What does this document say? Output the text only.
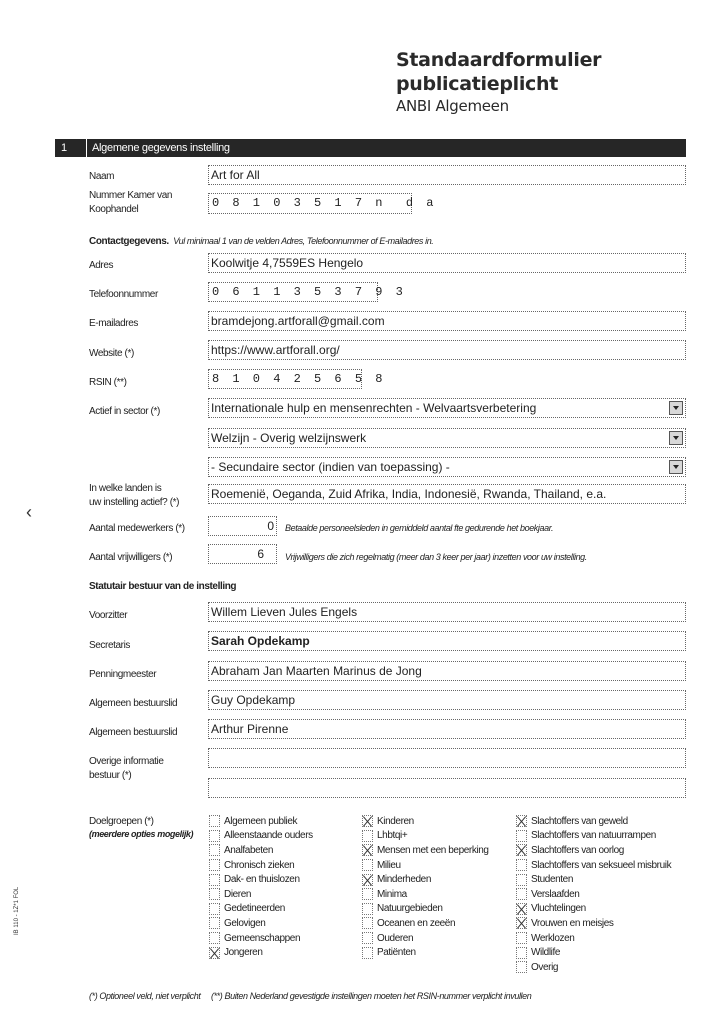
Standaardformulier
publicatieplicht
ANBI Algemeen
1	Algemene gegevens instelling
Naam	Art for All
Nummer Kamer van
Koophandel	0 8 1 0 3 5 1 7 n  d a
Contactgegevens. Vul minimaal 1 van de velden Adres, Telefoonnummer of E-mailadres in.
Adres	Koolwitje 4,7559ES Hengelo
Telefoonnummer	0 6 1 1 3 5 3 7 9 3
E-mailadres	bramdejong.artforall@gmail.com
Website (*)	https://www.artforall.org/
RSIN (**)	8 1 0 4 2 5 6 5 8
Actief in sector (*)	Internationale hulp en mensenrechten - Welvaartsverbetering
Welzijn - Overig welzijnswerk
- Secundaire sector (indien van toepassing) -
In welke landen is
uw instelling actief? (*)
Roemenië, Oeganda, Zuid Afrika, India, Indonesië, Rwanda, Thailand, e.a.
Aantal medewerkers (*)	0	Betaalde personeelsleden in gemiddeld aantal fte gedurende het boekjaar.
Aantal vrijwilligers (*)	6	Vrijwilligers die zich regelmatig (meer dan 3 keer per jaar) inzetten voor uw instelling.
Statutair bestuur van de instelling
Voorzitter	Willem Lieven Jules Engels
Secretaris	Sarah Opdekamp
Penningmeester	Abraham Jan Maarten Marinus de Jong
Algemeen bestuurslid	Guy Opdekamp
Algemeen bestuurslid	Arthur Pirenne
Overige informatie
bestuur (*)
Doelgroepen (*)
(meerdere opties mogelijk)
Algemeen publiek
Alleenstaande ouders
Analfabeten
Chronisch zieken
Dak- en thuislozen
Dieren
Gedetineerden
Gelovigen
Gemeenschappen
Jongeren
Kinderen
Lhbtqi+
Mensen met een beperking
Milieu
Minderheden
Minima
Natuurgebieden
Oceanen en zeeën
Ouderen
Patiënten
Slachtoffers van geweld
Slachtoffers van natuurrampen
Slachtoffers van oorlog
Slachtoffers van seksueel misbruik
Studenten
Verslaafden
Vluchtelingen
Vrouwen en meisjes
Werklozen
Wildlife
Overig
(*) Optioneel veld, niet verplicht (**) Buiten Nederland gevestigde instellingen moeten het RSIN-nummer verplicht invullen
IB 110 - 1Z*1 FOL
‹
